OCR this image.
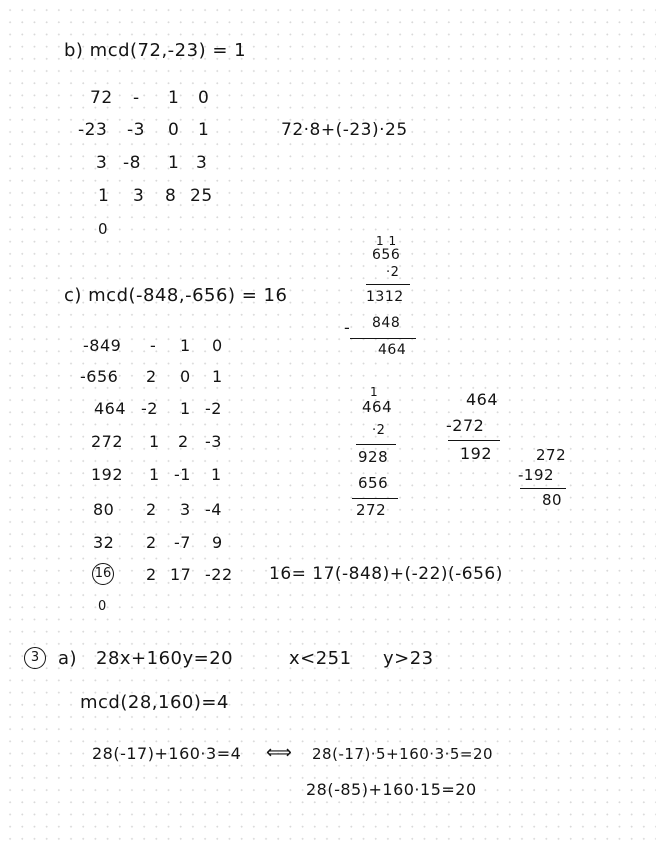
b) mcd(72,-23) = 1
72 - 1 0
-23 -3 0 1
3 -8 1 3
1 3 8 25
0
72·8+(-23)·25
c) mcd(-848,-656) = 16
-849 - 1 0
-656 2 0 1
464 -2 1 -2
272 1 2 -3
192 1 -1 1
80 2 3 -4
32 2 -7 9
16 2 17 -22
0
16= 17(-848)+(-22)(-656)
1 1
656
·2
1312
- 848
464
1
464
·2
928
656
272
464
-272
192	272
-192
80
3	a) 28x+160y=20	x<251 y>23
mcd(28,160)=4
28(-17)+160·3=4 ⟺ 28(-17)·5+160·3·5=20
28(-85)+160·15=20
